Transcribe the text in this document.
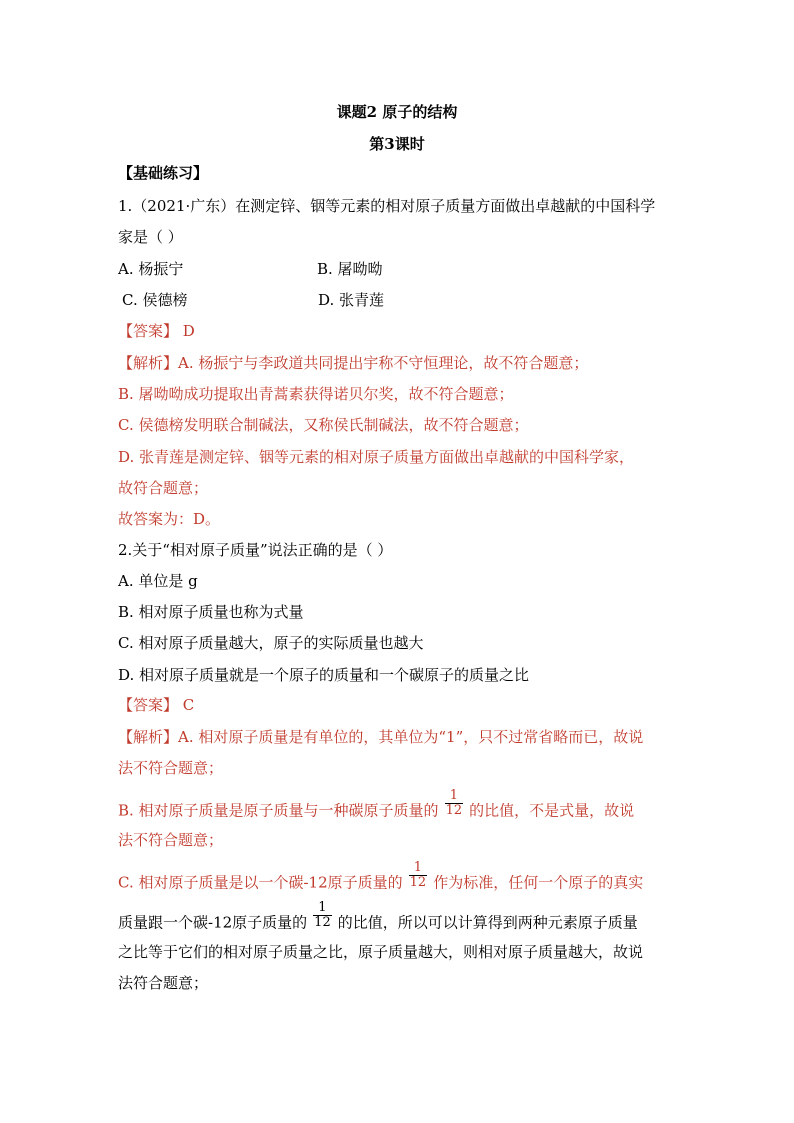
课题2 原子的结构
第3课时
【基础练习】
1.（2021·广东）在测定锌、铟等元素的相对原子质量方面做出卓越献的中国科学
家是（ ）
A. 杨振宁	B. 屠呦呦
C. 侯德榜	D. 张青莲
【答案】 D
【解析】A. 杨振宁与李政道共同提出宇称不守恒理论，故不符合题意；
B. 屠呦呦成功提取出青蒿素获得诺贝尔奖，故不符合题意；
C. 侯德榜发明联合制碱法，又称侯氏制碱法，故不符合题意；
D. 张青莲是测定锌、铟等元素的相对原子质量方面做出卓越献的中国科学家，
故符合题意；
故答案为：D。
2.关于“相对原子质量”说法正确的是（ ）
A. 单位是 g
B. 相对原子质量也称为式量
C. 相对原子质量越大，原子的实际质量也越大
D. 相对原子质量就是一个原子的质量和一个碳原子的质量之比
【答案】 C
【解析】A. 相对原子质量是有单位的，其单位为“1”，只不过常省略而已，故说
法不符合题意；
B. 相对原子质量是原子质量与一种碳原子质量的 $\frac{1}{12}$ 的比值，不是式量，故说
法不符合题意；
C. 相对原子质量是以一个碳-12原子质量的 $\frac{1}{12}$ 作为标准，任何一个原子的真实
质量跟一个碳-12原子质量的 $\frac{1}{12}$ 的比值，所以可以计算得到两种元素原子质量
之比等于它们的相对原子质量之比，原子质量越大，则相对原子质量越大，故说
法符合题意；
